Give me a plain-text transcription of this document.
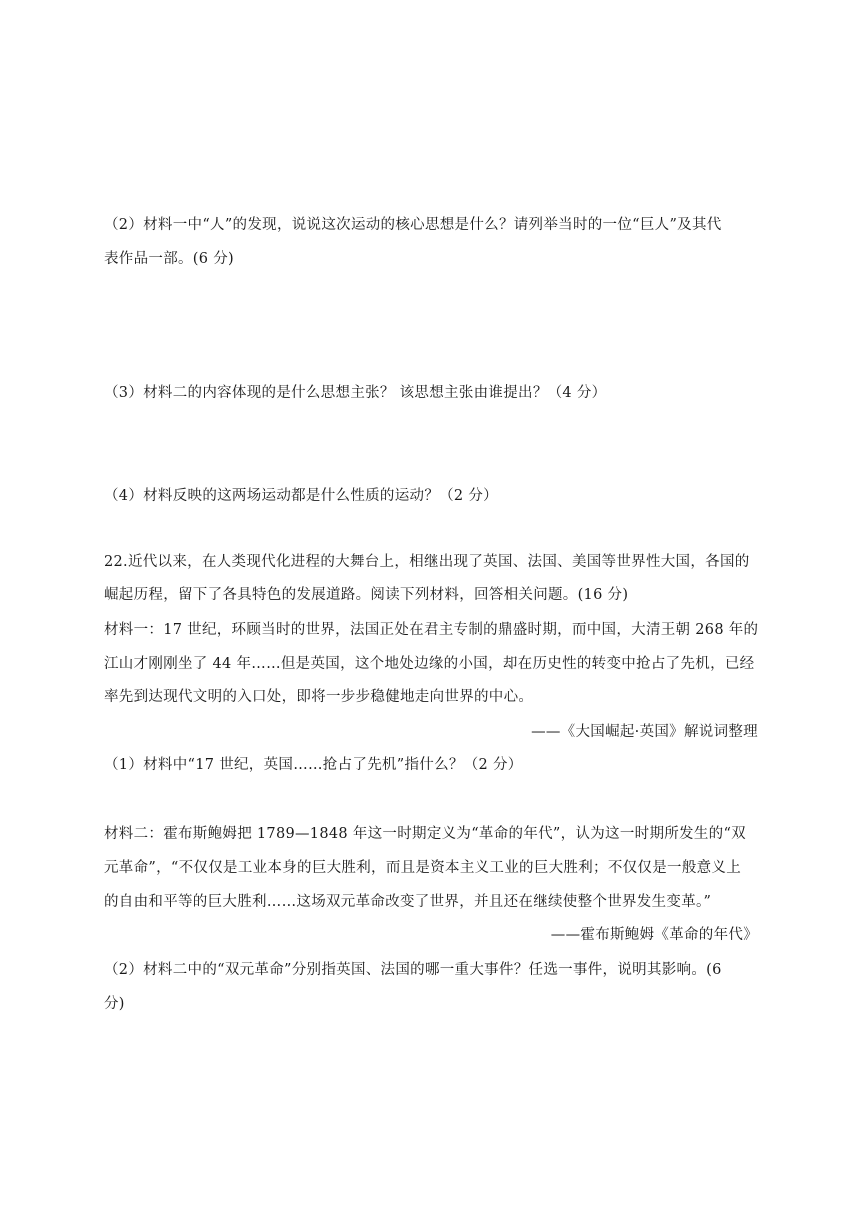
（2）材料一中“人”的发现，说说这次运动的核心思想是什么？请列举当时的一位“巨人”及其代
表作品一部。(6 分)
（3）材料二的内容体现的是什么思想主张？ 该思想主张由谁提出？（4 分）
（4）材料反映的这两场运动都是什么性质的运动？（2 分）
22.近代以来，在人类现代化进程的大舞台上，相继出现了英国、法国、美国等世界性大国，各国的
崛起历程，留下了各具特色的发展道路。阅读下列材料，回答相关问题。(16 分)
材料一：17 世纪，环顾当时的世界，法国正处在君主专制的鼎盛时期，而中国，大清王朝 268 年的
江山才刚刚坐了 44 年……但是英国，这个地处边缘的小国，却在历史性的转变中抢占了先机，已经
率先到达现代文明的入口处，即将一步步稳健地走向世界的中心。
——《大国崛起·英国》解说词整理
（1）材料中“17 世纪，英国……抢占了先机”指什么？（2 分）
材料二：霍布斯鲍姆把 1789—1848 年这一时期定义为“革命的年代”，认为这一时期所发生的“双
元革命”，“不仅仅是工业本身的巨大胜利，而且是资本主义工业的巨大胜利；不仅仅是一般意义上
的自由和平等的巨大胜利……这场双元革命改变了世界，并且还在继续使整个世界发生变革。”
——霍布斯鲍姆《革命的年代》
（2）材料二中的“双元革命”分别指英国、法国的哪一重大事件？任选一事件，说明其影响。(6
分)
